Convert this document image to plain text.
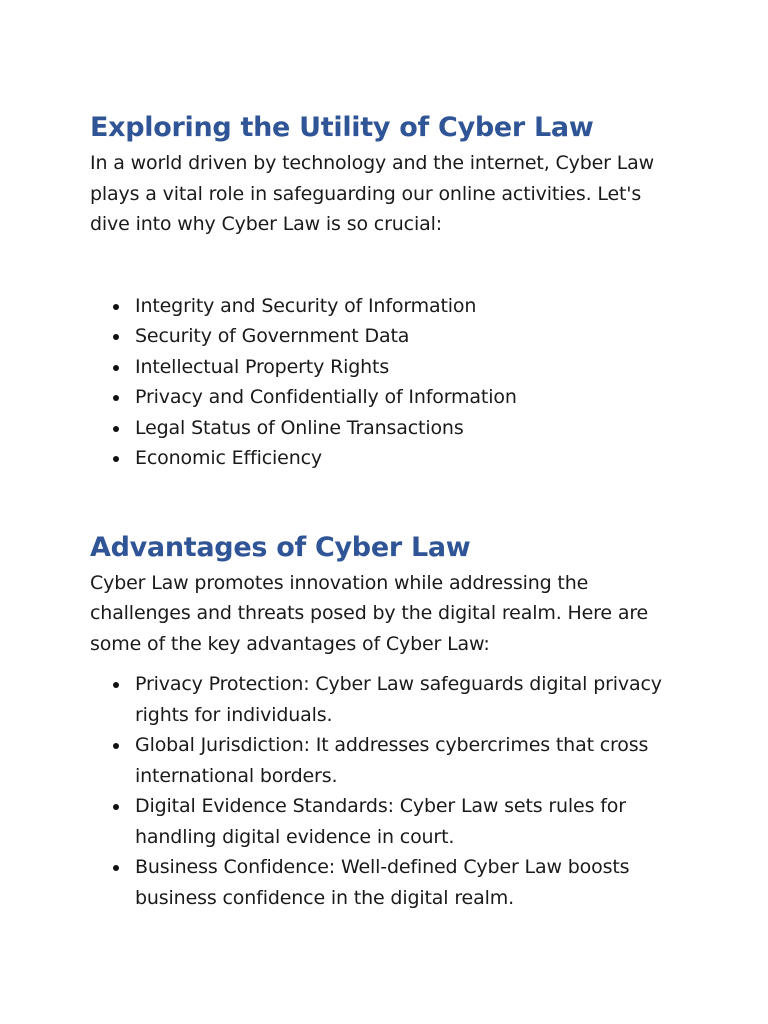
Exploring the Utility of Cyber Law

In a world driven by technology and the internet, Cyber Law plays a vital role in safeguarding our online activities. Let's dive into why Cyber Law is so crucial:

Integrity and Security of Information
Security of Government Data
Intellectual Property Rights
Privacy and Confidentially of Information
Legal Status of Online Transactions
Economic Efficiency
Advantages of Cyber Law

Cyber Law promotes innovation while addressing the challenges and threats posed by the digital realm. Here are some of the key advantages of Cyber Law:

Privacy Protection: Cyber Law safeguards digital privacy rights for individuals.
Global Jurisdiction: It addresses cybercrimes that cross international borders.
Digital Evidence Standards: Cyber Law sets rules for handling digital evidence in court.
Business Confidence: Well-defined Cyber Law boosts business confidence in the digital realm.
